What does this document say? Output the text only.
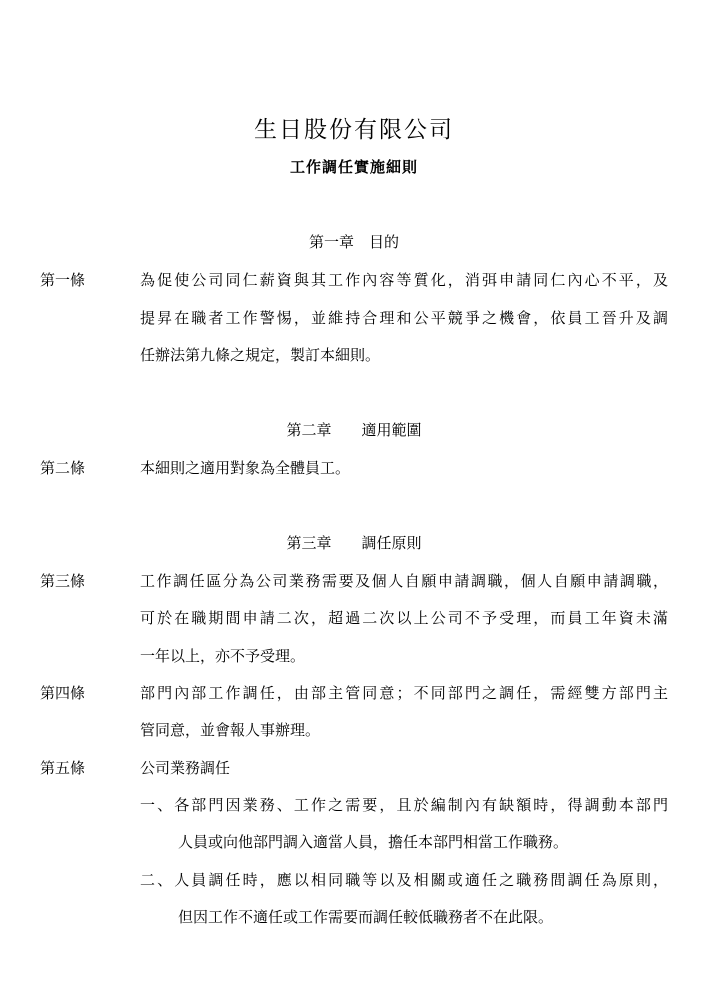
生日股份有限公司
工作調任實施細則
第一章　目的
第一條	為促使公司同仁薪資與其工作內容等質化，消弭申請同仁內心不平，及
提昇在職者工作警惕，並維持合理和公平競爭之機會，依員工晉升及調
任辦法第九條之規定，製訂本細則。
第二章　　適用範圍
第二條	本細則之適用對象為全體員工。
第三章　　調任原則
第三條	工作調任區分為公司業務需要及個人自願申請調職，個人自願申請調職，
可於在職期間申請二次，超過二次以上公司不予受理，而員工年資未滿
一年以上，亦不予受理。
第四條	部門內部工作調任，由部主管同意；不同部門之調任，需經雙方部門主
管同意，並會報人事辦理。
第五條	公司業務調任
一、各部門因業務、工作之需要，且於編制內有缺額時，得調動本部門
人員或向他部門調入適當人員，擔任本部門相當工作職務。
二、人員調任時，應以相同職等以及相關或適任之職務間調任為原則，
但因工作不適任或工作需要而調任較低職務者不在此限。
